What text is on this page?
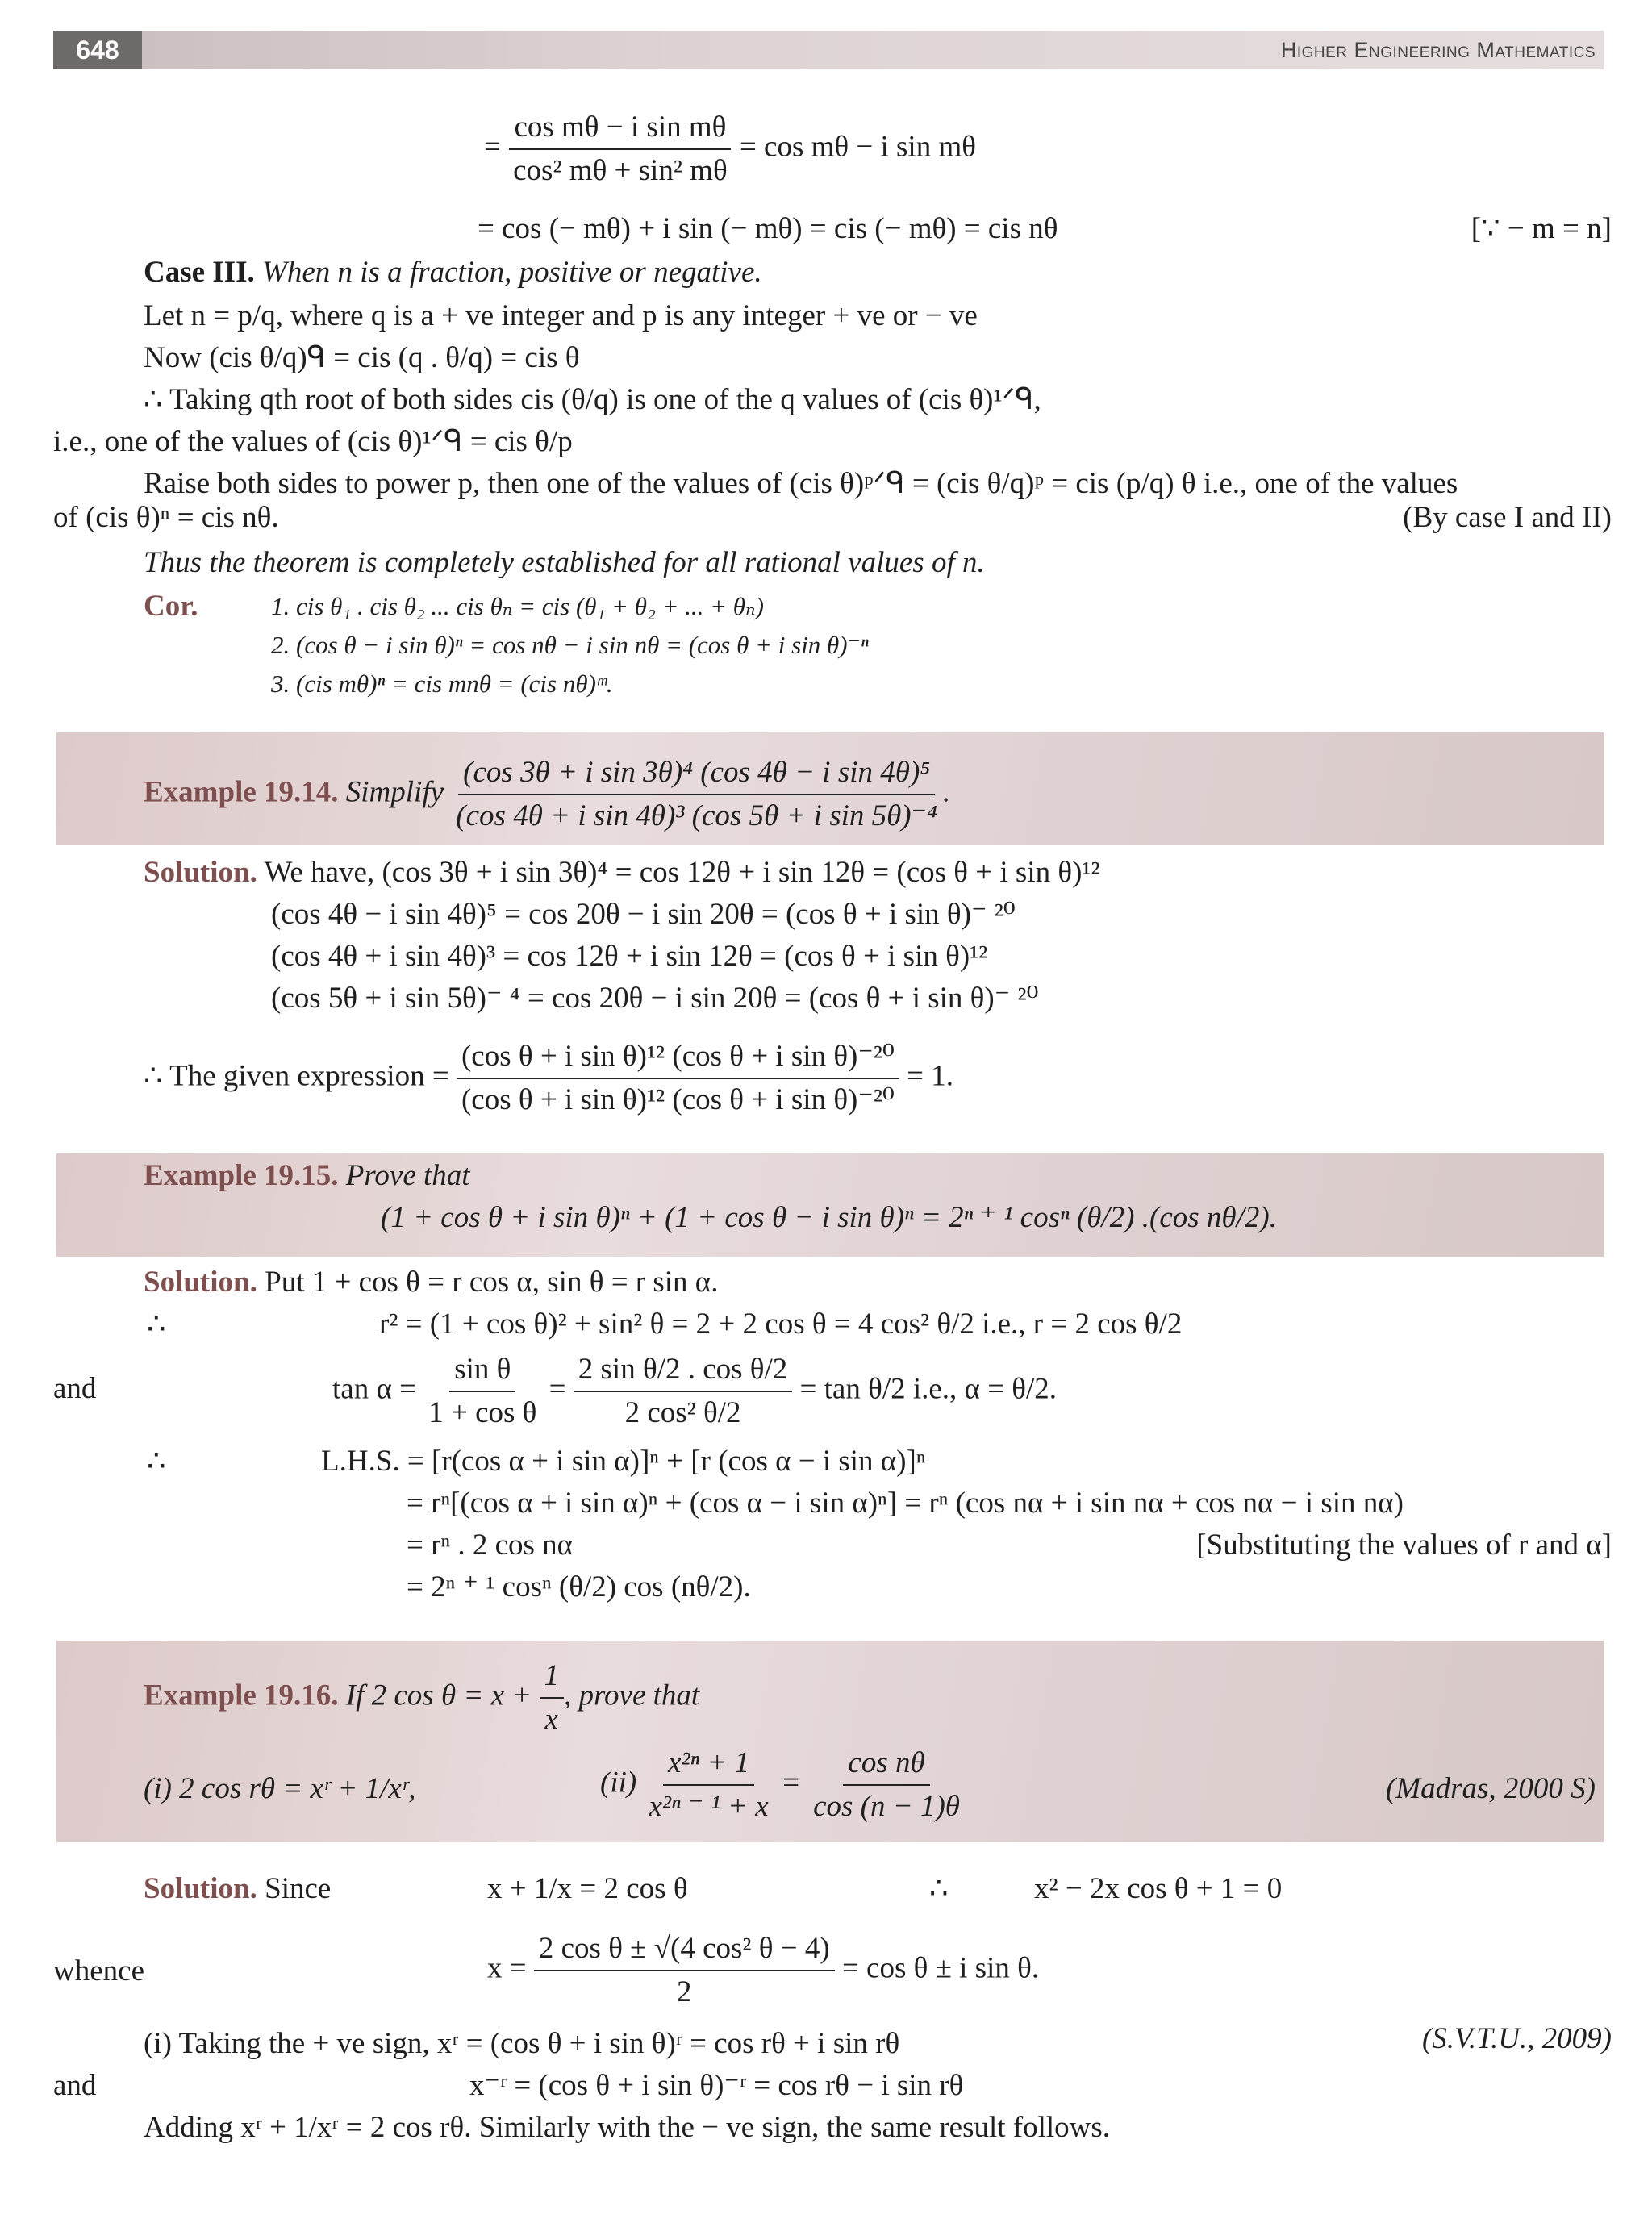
648	Higher Engineering Mathematics
= $\frac{\text{cos mθ − i sin mθ}}{\text{cos² mθ + sin² mθ}} = \cos m\theta - i$ sin mθ
= cos (− mθ) + i sin (− mθ) = cis (− mθ) = cis nθ	[∵ − m = n]
Case III. When n is a fraction, positive or negative.
Let n = p/q, where q is a + ve integer and p is any integer + ve or − ve
Now (cis θ/q)ᑫ = cis (q . θ/q) = cis θ
∴ Taking qth root of both sides cis (θ/q) is one of the q values of (cis θ)¹ᐟᑫ,
i.e., one of the values of (cis θ)¹ᐟᑫ = cis θ/p
Raise both sides to power p, then one of the values of (cis θ)ᵖᐟᑫ = (cis θ/q)ᵖ = cis (p/q) θ i.e., one of the values
of (cis θ)ⁿ = cis nθ.	(By case I and II)
Thus the theorem is completely established for all rational values of n.
Cor.	1. cis θ₁ . cis θ₂ ... cis θₙ = cis (θ₁ + θ₂ + ... + θₙ)
2. (cos θ − i sin θ)ⁿ = cos nθ − i sin nθ = (cos θ + i sin θ)⁻ⁿ
3. (cis mθ)ⁿ = cis mnθ = (cis nθ)ᵐ.
Example 19.14. Simplify $\frac{\text{(cos 3θ + i sin 3θ)⁴ (cos 4θ − i sin 4θ)⁵}}{\text{(cos 4θ + i sin 4θ)³ (cos 5θ + i sin 5θ)⁻⁴}}$ .
Solution. We have, (cos 3θ + i sin 3θ)⁴ = cos 12θ + i sin 12θ = (cos θ + i sin θ)¹²
(cos 4θ − i sin 4θ)⁵ = cos 20θ − i sin 20θ = (cos θ + i sin θ)⁻ ²⁰
(cos 4θ + i sin 4θ)³ = cos 12θ + i sin 12θ = (cos θ + i sin θ)¹²
(cos 5θ + i sin 5θ)⁻ ⁴ = cos 20θ − i sin 20θ = (cos θ + i sin θ)⁻ ²⁰
∴ The given expression = $\frac{\text{(cos θ + i sin θ)¹² (cos θ + i sin θ)⁻²⁰}}{\text{(cos θ + i sin θ)¹² (cos θ + i sin θ)⁻²⁰}} = 1$.
Example 19.15. Prove that
(1 + cos θ + i sin θ)ⁿ + (1 + cos θ − i sin θ)ⁿ = 2ⁿ ⁺ ¹ cosⁿ (θ/2) .(cos nθ/2).
Solution. Put 1 + cos θ = r cos α, sin θ = r sin α.
∴	r² = (1 + cos θ)² + sin² θ = 2 + 2 cos θ = 4 cos² θ/2 i.e., r = 2 cos θ/2
and	$\tan \alpha = \frac{\text{sin θ}}{\text{1 + cos θ}} = \frac{\text{2 sin θ/2 . cos θ/2}}{\text{2 cos² θ/2}} = \tan \theta/2$ i.e., α = θ/2.
∴	L.H.S. = [r(cos α + i sin α)]ⁿ + [r (cos α − i sin α)]ⁿ
= rⁿ[(cos α + i sin α)ⁿ + (cos α − i sin α)ⁿ] = rⁿ (cos nα + i sin nα + cos nα − i sin nα)
= rⁿ . 2 cos nα	[Substituting the values of r and α]
= 2ⁿ ⁺ ¹ cosⁿ (θ/2) cos (nθ/2).
Example 19.16. If 2 $\cos \theta = x + \frac{1}{x}$ , prove that
(i) 2 cos rθ = xʳ + 1/xʳ,	$(ii) \frac{\text{x²ⁿ + 1}}{\text{x²ⁿ ⁻ ¹ + x}} = \frac{\text{cos nθ}}{\cos (n - 1)\theta}$	(Madras, 2000 S)
Solution. Since	x + 1/x = 2 cos θ	∴	x² − 2x cos θ + 1 = 0
whence	$x = \frac{\text{2 cos θ ± √(4 cos² θ − 4)}}{2} = \cos \theta \pm i$ sin θ.
(i) Taking the + ve sign, xʳ = (cos θ + i sin θ)ʳ = cos rθ + i sin rθ	(S.V.T.U., 2009)
and	x⁻ʳ = (cos θ + i sin θ)⁻ʳ = cos rθ − i sin rθ
Adding xʳ + 1/xʳ = 2 cos rθ. Similarly with the − ve sign, the same result follows.
